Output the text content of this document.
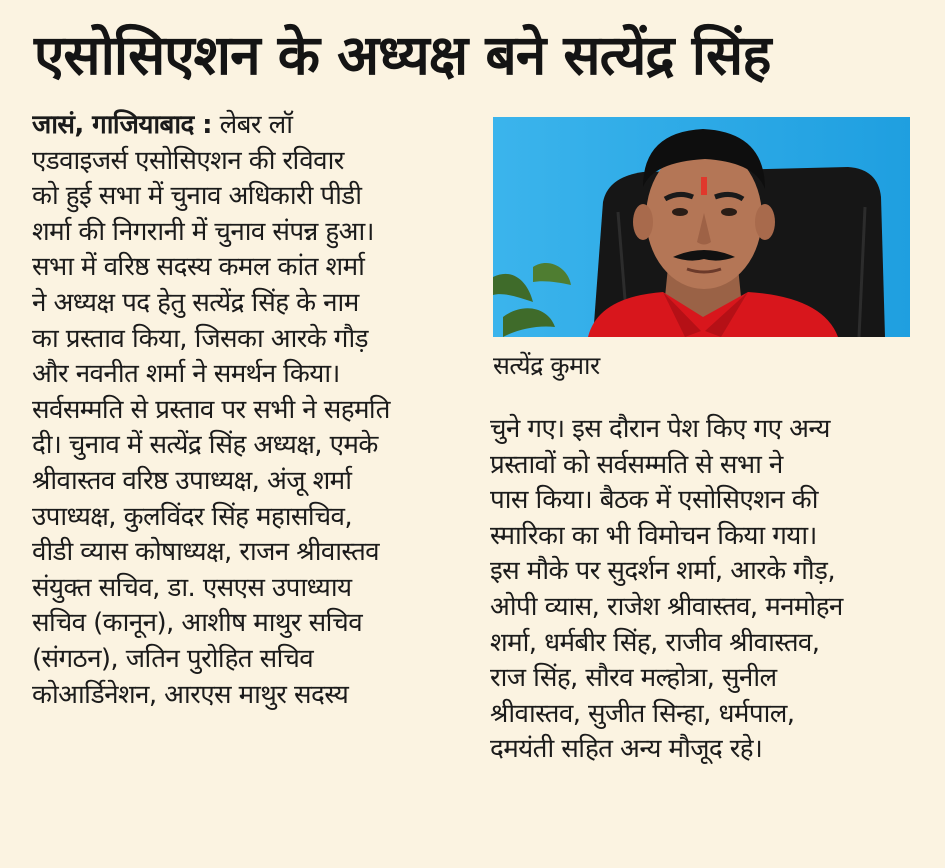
एसोसिएशन के अध्यक्ष बने सत्येंद्र सिंह
जासं, गाजियाबाद : लेबर लॉ
एडवाइजर्स एसोसिएशन की रविवार
को हुई सभा में चुनाव अधिकारी पीडी
शर्मा की निगरानी में चुनाव संपन्न हुआ।
सभा में वरिष्ठ सदस्य कमल कांत शर्मा
ने अध्यक्ष पद हेतु सत्येंद्र सिंह के नाम
का प्रस्ताव किया, जिसका आरके गौड़
और नवनीत शर्मा ने समर्थन किया।
सर्वसम्मति से प्रस्ताव पर सभी ने सहमति
दी। चुनाव में सत्येंद्र सिंह अध्यक्ष, एमके
श्रीवास्तव वरिष्ठ उपाध्यक्ष, अंजू शर्मा
उपाध्यक्ष, कुलविंदर सिंह महासचिव,
वीडी व्यास कोषाध्यक्ष, राजन श्रीवास्तव
संयुक्त सचिव, डा. एसएस उपाध्याय
सचिव (कानून), आशीष माथुर सचिव
(संगठन), जतिन पुरोहित सचिव
कोआर्डिनेशन, आरएस माथुर सदस्य
सत्येंद्र कुमार
चुने गए। इस दौरान पेश किए गए अन्य
प्रस्तावों को सर्वसम्मति से सभा ने
पास किया। बैठक में एसोसिएशन की
स्मारिका का भी विमोचन किया गया।
इस मौके पर सुदर्शन शर्मा, आरके गौड़,
ओपी व्यास, राजेश श्रीवास्तव, मनमोहन
शर्मा, धर्मबीर सिंह, राजीव श्रीवास्तव,
राज सिंह, सौरव मल्होत्रा, सुनील
श्रीवास्तव, सुजीत सिन्हा, धर्मपाल,
दमयंती सहित अन्य मौजूद रहे।
